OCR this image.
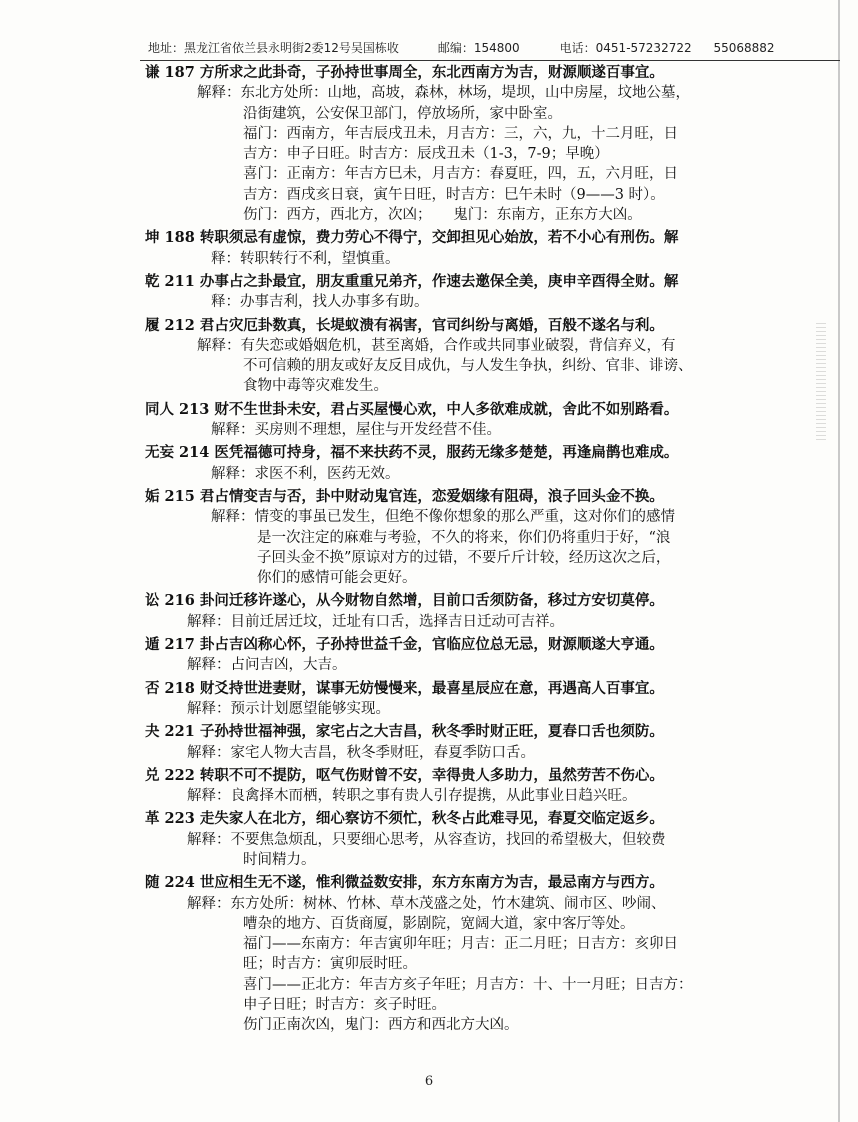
地址：黑龙江省依兰县永明街2委12号吴国栋收	邮编：154800	电话：0451-57232722 55068882
谦 187 方所求之此卦奇，子孙持世事周全，东北西南方为吉，财源顺遂百事宜。
解释：东北方处所：山地，高坡，森林，林场，堤坝，山中房屋，坟地公墓，
沿街建筑，公安保卫部门，停放场所，家中卧室。
福门：西南方，年吉辰戌丑未，月吉方：三，六，九，十二月旺，日
吉方：申子日旺。时吉方：辰戌丑未（1-3，7-9；早晚）
喜门：正南方：年吉方巳未，月吉方：春夏旺，四，五，六月旺，日
吉方：酉戌亥日衰，寅午日旺，时吉方：巳午未时（9——3 时）。
伤门：西方，西北方，次凶；　　鬼门：东南方，正东方大凶。
坤 188 转职须忌有虚惊，费力劳心不得宁，交卸担见心始放，若不小心有刑伤。解
释：转职转行不利，望慎重。
乾 211 办事占之卦最宜，朋友重重兄弟齐，作速去邀保全美，庚申辛酉得全财。解
释：办事吉利，找人办事多有助。
履 212 君占灾厄卦数真，长堤蚁溃有祸害，官司纠纷与离婚，百般不遂名与利。
解释：有失恋或婚姻危机，甚至离婚，合作或共同事业破裂，背信弃义，有
不可信赖的朋友或好友反目成仇，与人发生争执，纠纷、官非、诽谤、
食物中毒等灾难发生。
同人 213 财不生世卦未安，君占买屋慢心欢，中人多欲难成就，舍此不如别路看。
解释：买房则不理想，屋住与开发经营不佳。
无妄 214 医凭福德可持身，福不来扶药不灵，服药无缘多楚楚，再逢扁鹊也难成。
解释：求医不利，医药无效。
姤 215 君占情变吉与否，卦中财动鬼官连，恋爱姻缘有阻碍，浪子回头金不换。
解释：情变的事虽已发生，但绝不像你想象的那么严重，这对你们的感情
是一次注定的麻难与考验，不久的将来，你们仍将重归于好，“浪
子回头金不换”原谅对方的过错，不要斤斤计较，经历这次之后，
你们的感情可能会更好。
讼 216 卦问迁移许遂心，从今财物自然增，目前口舌须防备，移过方安切莫停。
解释：目前迁居迁坟，迁址有口舌，选择吉日迁动可吉祥。
遁 217 卦占吉凶称心怀，子孙持世益千金，官临应位总无忌，财源顺遂大亨通。
解释：占问吉凶，大吉。
否 218 财爻持世进妻财，谋事无妨慢慢来，最喜星辰应在意，再遇高人百事宜。
解释：预示计划愿望能够实现。
夬 221 子孙持世福神强，家宅占之大吉昌，秋冬季时财正旺，夏春口舌也须防。
解释：家宅人物大吉昌，秋冬季财旺，春夏季防口舌。
兑 222 转职不可不提防，呕气伤财曾不安，幸得贵人多助力，虽然劳苦不伤心。
解释：良禽择木而栖，转职之事有贵人引存提携，从此事业日趋兴旺。
革 223 走失家人在北方，细心察访不须忙，秋冬占此难寻见，春夏交临定返乡。
解释：不要焦急烦乱，只要细心思考，从容查访，找回的希望极大，但较费
时间精力。
随 224 世应相生无不遂，惟利微益数安排，东方东南方为吉，最忌南方与西方。
解释：东方处所：树林、竹林、草木茂盛之处，竹木建筑、闹市区、吵闹、
嘈杂的地方、百货商厦，影剧院，宽阔大道，家中客厅等处。
福门——东南方：年吉寅卯年旺；月吉：正二月旺；日吉方：亥卯日
旺；时吉方：寅卯辰时旺。
喜门——正北方：年吉方亥子年旺；月吉方：十、十一月旺；日吉方：
申子日旺；时吉方：亥子时旺。
伤门正南次凶，鬼门：西方和西北方大凶。
6
